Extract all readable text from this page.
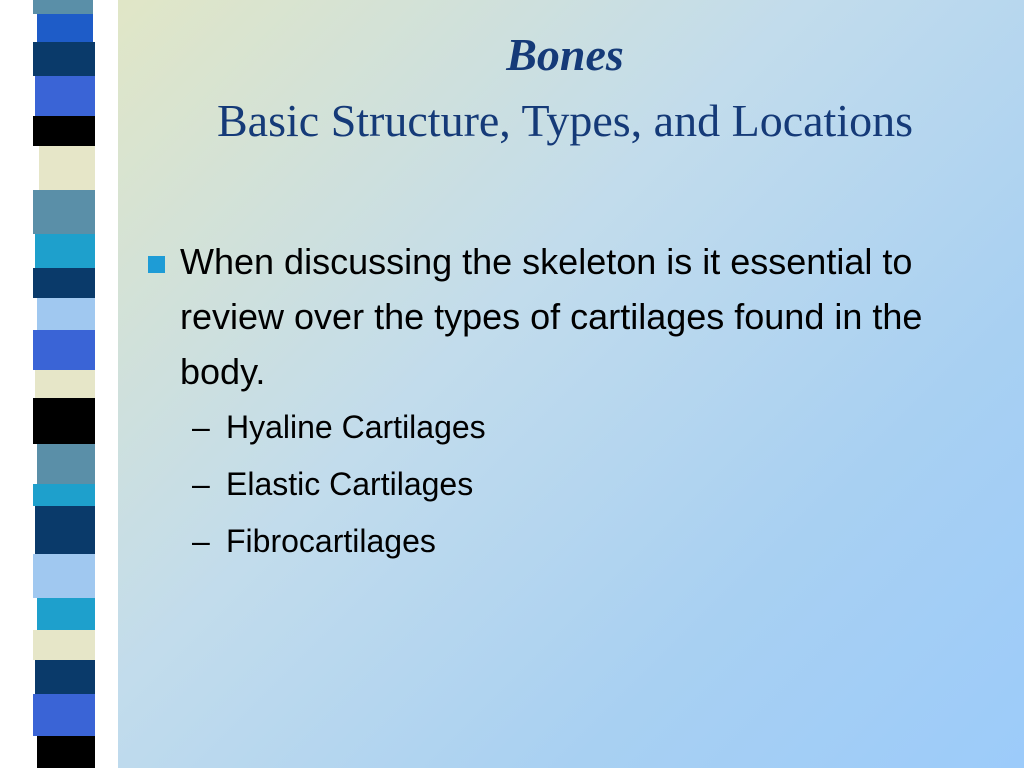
Bones
Basic Structure, Types, and Locations
When discussing the skeleton is it essential to review over the types of cartilages found in the body.
– Hyaline Cartilages
– Elastic Cartilages
– Fibrocartilages
